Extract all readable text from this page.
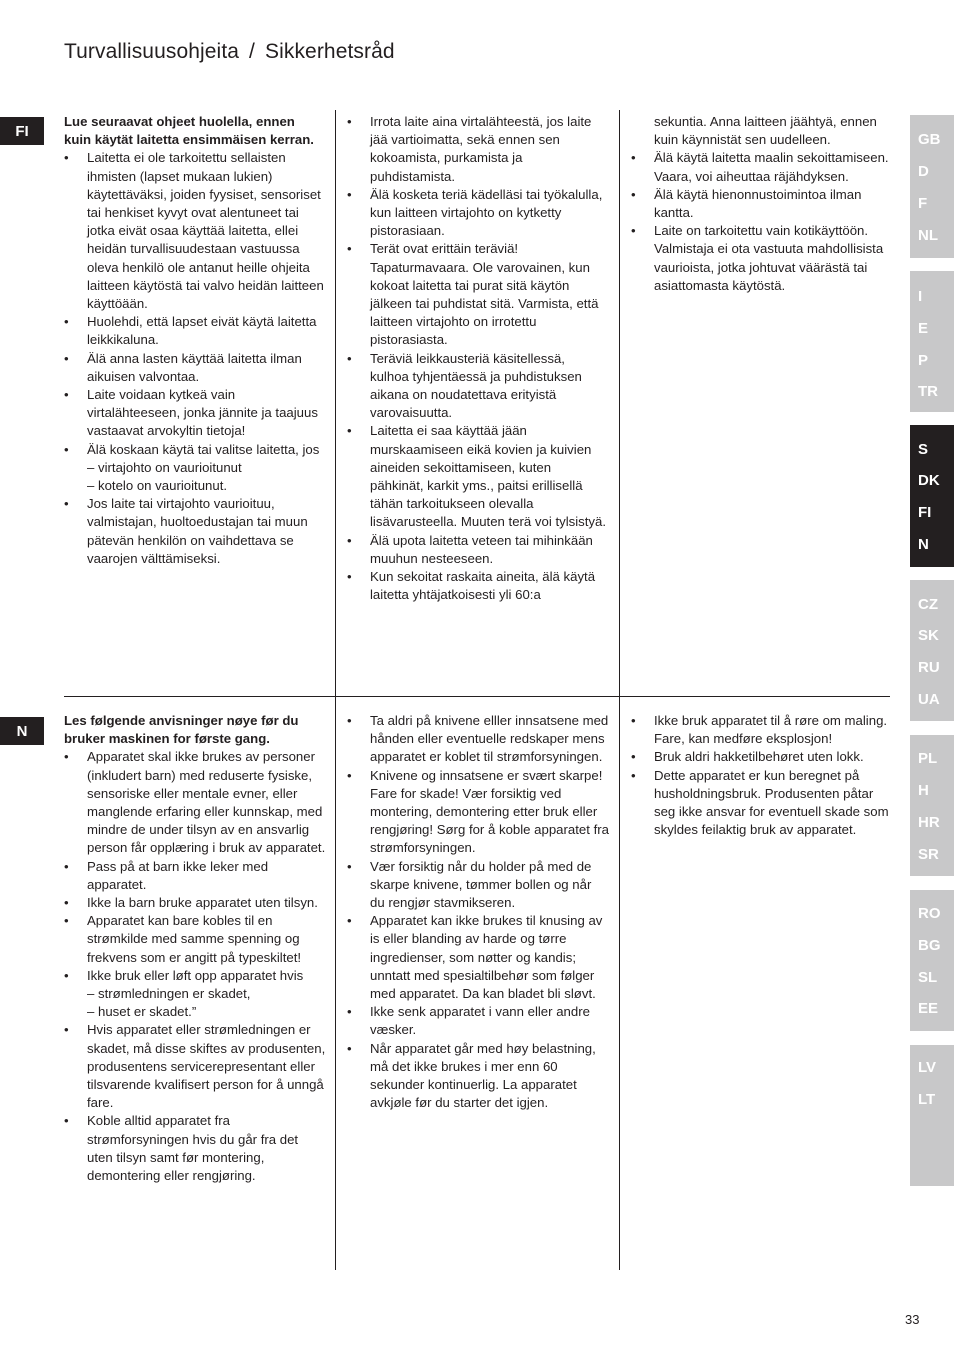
Turvallisuusohjeita / Sikkerhetsråd
FI
N

Lue seuraavat ohjeet huolella, ennen kuin käytät laitetta ensimmäisen kerran.

• Laitetta ei ole tarkoitettu sellaisten ihmisten (lapset mukaan lukien) käytettäväksi, joiden fyysiset, sensoriset tai henkiset kyvyt ovat alentuneet tai jotka eivät osaa käyttää laitetta, ellei heidän turvallisuudestaan vastuussa oleva henkilö ole antanut heille ohjeita laitteen käytöstä tai valvo heidän laitteen käyttöään.
• Huolehdi, että lapset eivät käytä laitetta leikkikaluna.
• Älä anna lasten käyttää laitetta ilman aikuisen valvontaa.
• Laite voidaan kytkeä vain virtalähteeseen, jonka jännite ja taajuus vastaavat arvokyltin tietoja!
• Älä koskaan käytä tai valitse laitetta, jos
– virtajohto on vaurioitunut
– kotelo on vaurioitunut.
• Jos laite tai virtajohto vaurioituu, valmistajan, huoltoedustajan tai muun pätevän henkilön on vaihdettava se vaarojen välttämiseksi.
• Irrota laite aina virtalähteestä, jos laite jää vartioimatta, sekä ennen sen kokoamista, purkamista ja puhdistamista.
• Älä kosketa teriä kädelläsi tai työkalulla, kun laitteen virtajohto on kytketty pistorasiaan.
• Terät ovat erittäin teräviä! Tapaturmavaara. Ole varovainen, kun kokoat laitetta tai purat sitä käytön jälkeen tai puhdistat sitä. Varmista, että laitteen virtajohto on irrotettu pistorasiasta.
• Teräviä leikkausteriä käsitellessä, kulhoa tyhjentäessä ja puhdistuksen aikana on noudatettava erityistä varovaisuutta.
• Laitetta ei saa käyttää jään murskaamiseen eikä kovien ja kuivien aineiden sekoittamiseen, kuten pähkinät, karkit yms., paitsi erillisellä tähän tarkoitukseen olevalla lisävarusteella. Muuten terä voi tylsistyä.
• Älä upota laitetta veteen tai mihinkään muuhun nesteeseen.
• Kun sekoitat raskaita aineita, älä käytä laitetta yhtäjatkoisesti yli 60:a
sekuntia. Anna laitteen jäähtyä, ennen kuin käynnistät sen uudelleen.
• Älä käytä laitetta maalin sekoittamiseen. Vaara, voi aiheuttaa räjähdyksen.
• Älä käytä hienonnustoimintoa ilman kantta.
• Laite on tarkoitettu vain kotikäyttöön. Valmistaja ei ota vastuuta mahdollisista vaurioista, jotka johtuvat väärästä tai asiattomasta käytöstä.

Les følgende anvisninger nøye før du bruker maskinen for første gang.

• Apparatet skal ikke brukes av personer (inkludert barn) med reduserte fysiske, sensoriske eller mentale evner, eller manglende erfaring eller kunnskap, med mindre de under tilsyn av en ansvarlig person får opplæring i bruk av apparatet.
• Pass på at barn ikke leker med apparatet.
• Ikke la barn bruke apparatet uten tilsyn.
• Apparatet kan bare kobles til en strømkilde med samme spenning og frekvens som er angitt på typeskiltet!
• Ikke bruk eller løft opp apparatet hvis
– strømledningen er skadet,
– huset er skadet.”
• Hvis apparatet eller strømledningen er skadet, må disse skiftes av produsenten, produsentens servicerepresentant eller tilsvarende kvalifisert person for å unngå fare.
• Koble alltid apparatet fra strømforsyningen hvis du går fra det uten tilsyn samt før montering, demontering eller rengjøring.
• Ta aldri på knivene elller innsatsene med hånden eller eventuelle redskaper mens apparatet er koblet til strømforsyningen.
• Knivene og innsatsene er svært skarpe! Fare for skade! Vær forsiktig ved montering, demontering etter bruk eller rengjøring! Sørg for å koble apparatet fra strømforsyningen.
• Vær forsiktig når du holder på med de skarpe knivene, tømmer bollen og når du rengjør stavmikseren.
• Apparatet kan ikke brukes til knusing av is eller blanding av harde og tørre ingredienser, som nøtter og kandis; unntatt med spesialtilbehør som følger med apparatet. Da kan bladet bli sløvt.
• Ikke senk apparatet i vann eller andre væsker.
• Når apparatet går med høy belastning, må det ikke brukes i mer enn 60 sekunder kontinuerlig. La apparatet avkjøle før du starter det igjen.
• Ikke bruk apparatet til å røre om maling. Fare, kan medføre eksplosjon!
• Bruk aldri hakketilbehøret uten lokk.
• Dette apparatet er kun beregnet på husholdningsbruk. Produsenten påtar seg ikke ansvar for eventuell skade som skyldes feilaktig bruk av apparatet.
GB
D
F
NL
I
E
P
TR
S
DK
FI
N
CZ
SK
RU
UA
PL
H
HR
SR
RO
BG
SL
EE
LV
LT
33
